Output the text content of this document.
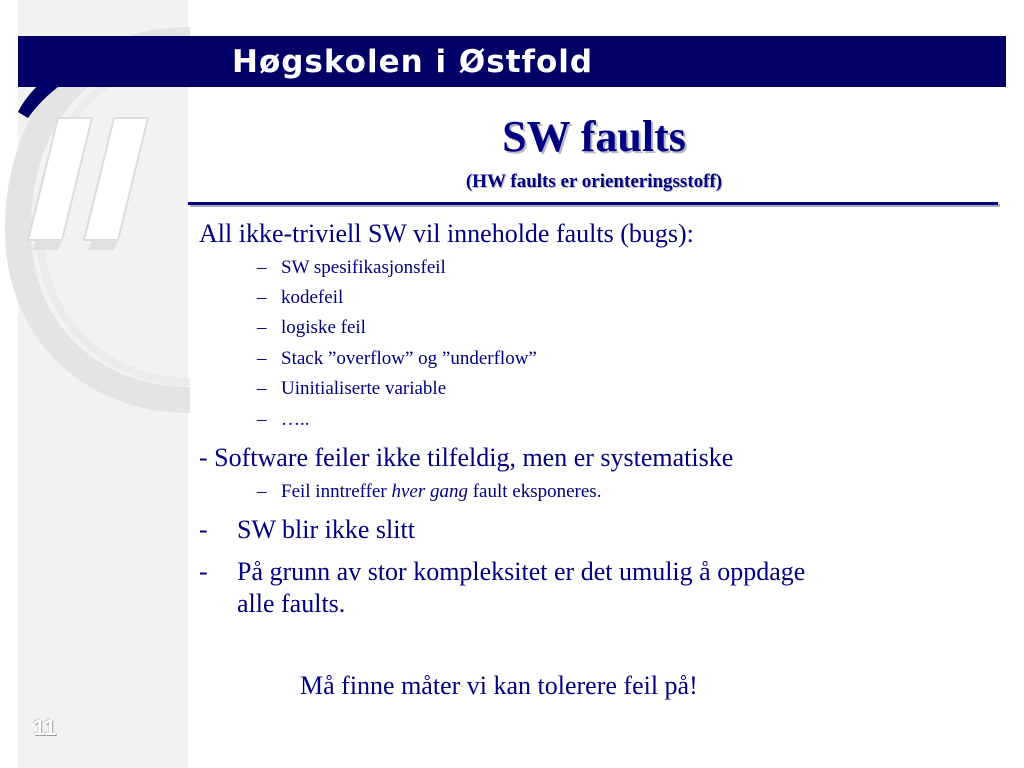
Høgskolen i Østfold
SW faults
(HW faults er orienteringsstoff)
All ikke-triviell SW vil inneholde faults (bugs):
– SW spesifikasjonsfeil
– kodefeil
– logiske feil
– Stack ”overflow” og ”underflow”
– Uinitialiserte variable
– …..
- Software feiler ikke tilfeldig, men er systematiske
– Feil inntreffer hver gang fault eksponeres.
- SW blir ikke slitt
- På grunn av stor kompleksitet er det umulig å oppdage
alle faults.
Må finne måter vi kan tolerere feil på!
11
